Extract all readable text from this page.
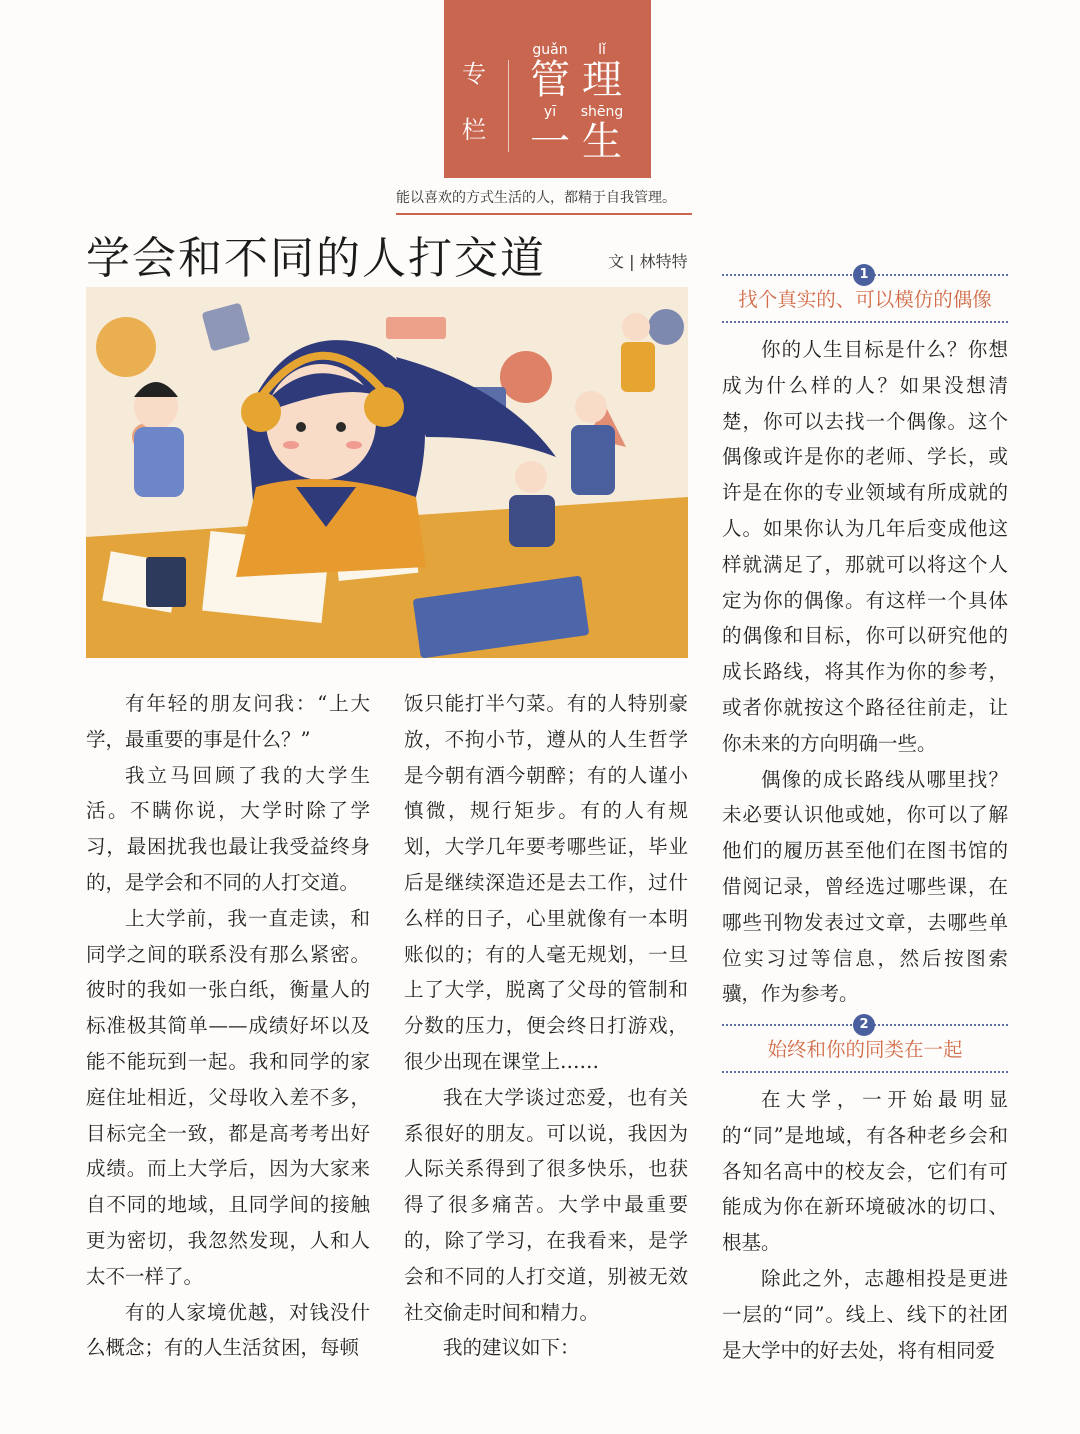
专
栏
guǎn
管
lǐ
理
yī
一
shēng
生
能以喜欢的方式生活的人，都精于自我管理。
学会和不同的人打交道	文 | 林特特

有年轻的朋友问我：“上大学，最重要的事是什么？”

我立马回顾了我的大学生活。不瞒你说，大学时除了学习，最困扰我也最让我受益终身的，是学会和不同的人打交道。

上大学前，我一直走读，和同学之间的联系没有那么紧密。彼时的我如一张白纸，衡量人的标准极其简单——成绩好坏以及能不能玩到一起。我和同学的家庭住址相近，父母收入差不多，目标完全一致，都是高考考出好成绩。而上大学后，因为大家来自不同的地域，且同学间的接触更为密切，我忽然发现，人和人太不一样了。

有的人家境优越，对钱没什么概念；有的人生活贫困，每顿

饭只能打半勺菜。有的人特别豪放，不拘小节，遵从的人生哲学是今朝有酒今朝醉；有的人谨小慎微，规行矩步。有的人有规划，大学几年要考哪些证，毕业后是继续深造还是去工作，过什么样的日子，心里就像有一本明账似的；有的人毫无规划，一旦上了大学，脱离了父母的管制和分数的压力，便会终日打游戏，很少出现在课堂上……

我在大学谈过恋爱，也有关系很好的朋友。可以说，我因为人际关系得到了很多快乐，也获得了很多痛苦。大学中最重要的，除了学习，在我看来，是学会和不同的人打交道，别被无效社交偷走时间和精力。

我的建议如下：

1
找个真实的、可以模仿的偶像

你的人生目标是什么？你想成为什么样的人？如果没想清楚，你可以去找一个偶像。这个偶像或许是你的老师、学长，或许是在你的专业领域有所成就的人。如果你认为几年后变成他这样就满足了，那就可以将这个人定为你的偶像。有这样一个具体的偶像和目标，你可以研究他的成长路线，将其作为你的参考，或者你就按这个路径往前走，让你未来的方向明确一些。

偶像的成长路线从哪里找？未必要认识他或她，你可以了解他们的履历甚至他们在图书馆的借阅记录，曾经选过哪些课，在哪些刊物发表过文章，去哪些单位实习过等信息，然后按图索骥，作为参考。

2
始终和你的同类在一起

在大学，一开始最明显的“同”是地域，有各种老乡会和各知名高中的校友会，它们有可能成为你在新环境破冰的切口、根基。

除此之外，志趣相投是更进一层的“同”。线上、线下的社团是大学中的好去处，将有相同爱
